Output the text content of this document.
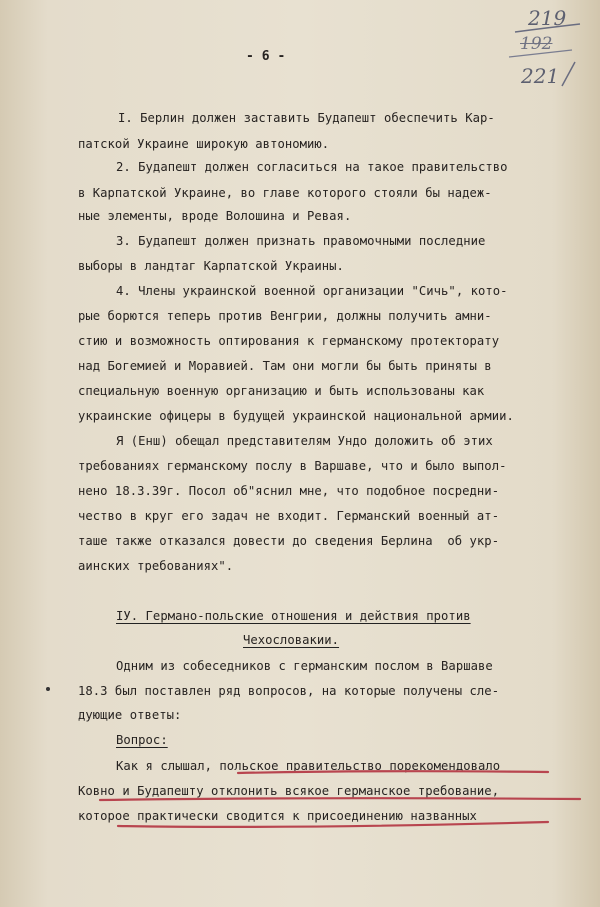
219
192
221
- 6 -
I. Берлин должен заставить Будапешт обеспечить Кар-
патской Украине широкую автономию.
2. Будапешт должен согласиться на такое правительство
в Карпатской Украине, во главе которого стояли бы надеж-
ные элементы, вроде Волошина и Ревая.
3. Будапешт должен признать правомочными последние
выборы в ландтаг Карпатской Украины.
4. Члены украинской военной организации "Сичь", кото-
рые борются теперь против Венгрии, должны получить амни-
стию и возможность оптирования к германскому протекторату
над Богемией и Моравией. Там они могли бы быть приняты в
специальную военную организацию и быть использованы как
украинские офицеры в будущей украинской национальной армии.
Я (Енш) обещал представителям Ундо доложить об этих
требованиях германскому послу в Варшаве, что и было выпол-
нено 18.3.39г. Посол об"яснил мне, что подобное посредни-
чество в круг его задач не входит. Германский военный ат-
таше также отказался довести до сведения Берлина  об укр-
аинских требованиях".
IУ. Германо-польские отношения и действия против
Чехословакии.
Одним из собеседников с германским послом в Варшаве
18.3 был поставлен ряд вопросов, на которые получены сле-
дующие ответы:
Вопрос:
Как я слышал, польское правительство порекомендовало
Ковно и Будапешту отклонить всякое германское требование,
которое практически сводится к присоединению названных
